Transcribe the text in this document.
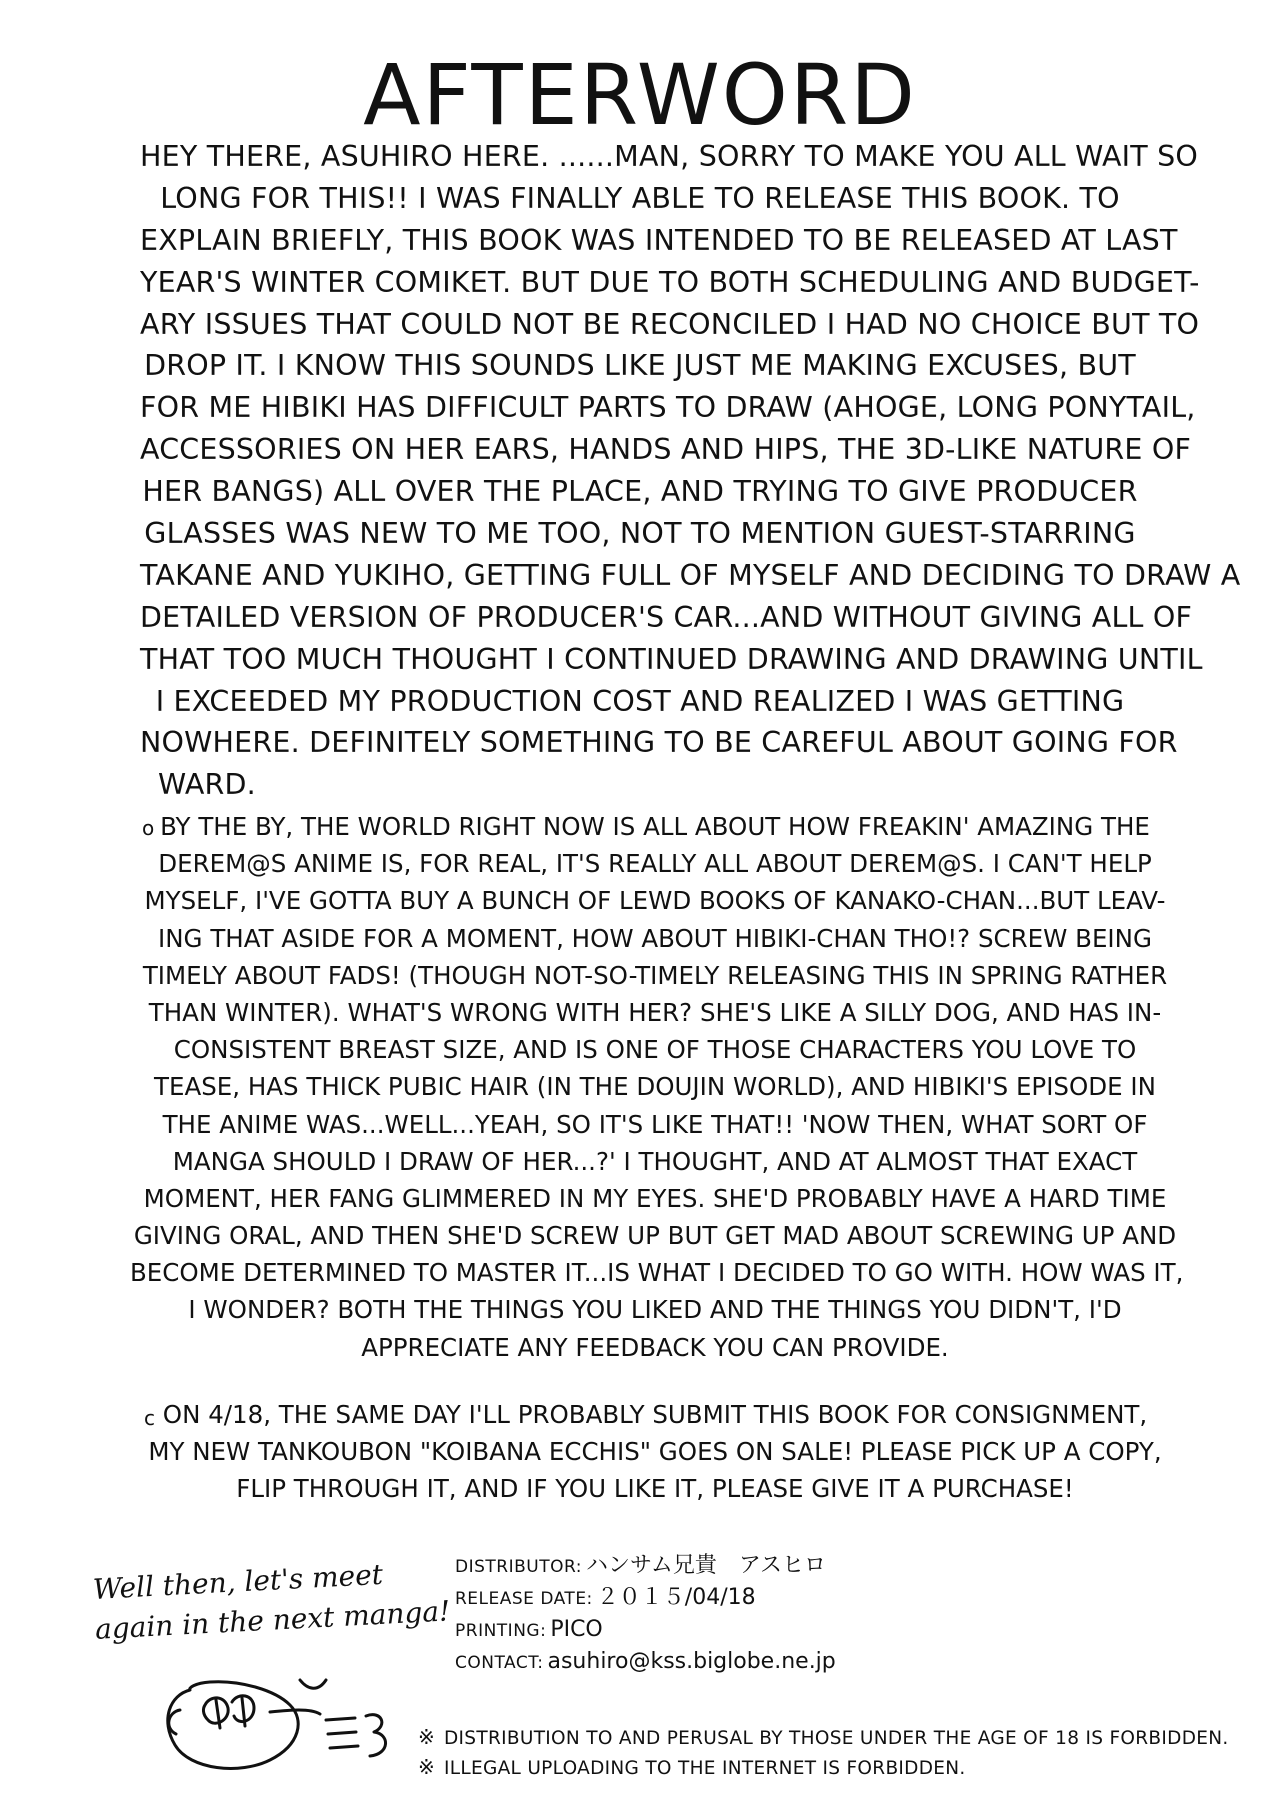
AFTERWORD
HEY THERE, ASUHIRO HERE. ......MAN, SORRY TO MAKE YOU ALL WAIT SO
LONG FOR THIS!! I WAS FINALLY ABLE TO RELEASE THIS BOOK. TO
EXPLAIN BRIEFLY, THIS BOOK WAS INTENDED TO BE RELEASED AT LAST
YEAR'S WINTER COMIKET. BUT DUE TO BOTH SCHEDULING AND BUDGET-
ARY ISSUES THAT COULD NOT BE RECONCILED I HAD NO CHOICE BUT TO
DROP IT. I KNOW THIS SOUNDS LIKE JUST ME MAKING EXCUSES, BUT
FOR ME HIBIKI HAS DIFFICULT PARTS TO DRAW (AHOGE, LONG PONYTAIL,
ACCESSORIES ON HER EARS, HANDS AND HIPS, THE 3D-LIKE NATURE OF
HER BANGS) ALL OVER THE PLACE, AND TRYING TO GIVE PRODUCER
GLASSES WAS NEW TO ME TOO, NOT TO MENTION GUEST-STARRING
TAKANE AND YUKIHO, GETTING FULL OF MYSELF AND DECIDING TO DRAW A
DETAILED VERSION OF PRODUCER'S CAR...AND WITHOUT GIVING ALL OF
THAT TOO MUCH THOUGHT I CONTINUED DRAWING AND DRAWING UNTIL
I EXCEEDED MY PRODUCTION COST AND REALIZED I WAS GETTING
NOWHERE. DEFINITELY SOMETHING TO BE CAREFUL ABOUT GOING FOR
WARD.
o BY THE BY, THE WORLD RIGHT NOW IS ALL ABOUT HOW FREAKIN' AMAZING THE
DEREM@S ANIME IS, FOR REAL, IT'S REALLY ALL ABOUT DEREM@S. I CAN'T HELP
MYSELF, I'VE GOTTA BUY A BUNCH OF LEWD BOOKS OF KANAKO-CHAN...BUT LEAV-
ING THAT ASIDE FOR A MOMENT, HOW ABOUT HIBIKI-CHAN THO!? SCREW BEING
TIMELY ABOUT FADS! (THOUGH NOT-SO-TIMELY RELEASING THIS IN SPRING RATHER
THAN WINTER). WHAT'S WRONG WITH HER? SHE'S LIKE A SILLY DOG, AND HAS IN-
CONSISTENT BREAST SIZE, AND IS ONE OF THOSE CHARACTERS YOU LOVE TO
TEASE, HAS THICK PUBIC HAIR (IN THE DOUJIN WORLD), AND HIBIKI'S EPISODE IN
THE ANIME WAS...WELL...YEAH, SO IT'S LIKE THAT!! 'NOW THEN, WHAT SORT OF
MANGA SHOULD I DRAW OF HER...?' I THOUGHT, AND AT ALMOST THAT EXACT
MOMENT, HER FANG GLIMMERED IN MY EYES. SHE'D PROBABLY HAVE A HARD TIME
GIVING ORAL, AND THEN SHE'D SCREW UP BUT GET MAD ABOUT SCREWING UP AND
BECOME DETERMINED TO MASTER IT...IS WHAT I DECIDED TO GO WITH. HOW WAS IT,
I WONDER? BOTH THE THINGS YOU LIKED AND THE THINGS YOU DIDN'T, I'D
APPRECIATE ANY FEEDBACK YOU CAN PROVIDE.
c ON 4/18, THE SAME DAY I'LL PROBABLY SUBMIT THIS BOOK FOR CONSIGNMENT,
MY NEW TANKOUBON "KOIBANA ECCHIS" GOES ON SALE! PLEASE PICK UP A COPY,
FLIP THROUGH IT, AND IF YOU LIKE IT, PLEASE GIVE IT A PURCHASE!
DISTRIBUTOR: ハンサム兄貴　アスヒロ
RELEASE DATE: ２０１５/04/18
PRINTING: PICO
CONTACT: asuhiro@kss.biglobe.ne.jp
Well then, let's meet
again in the next manga!
※ DISTRIBUTION TO AND PERUSAL BY THOSE UNDER THE AGE OF 18 IS FORBIDDEN.
※ ILLEGAL UPLOADING TO THE INTERNET IS FORBIDDEN.
